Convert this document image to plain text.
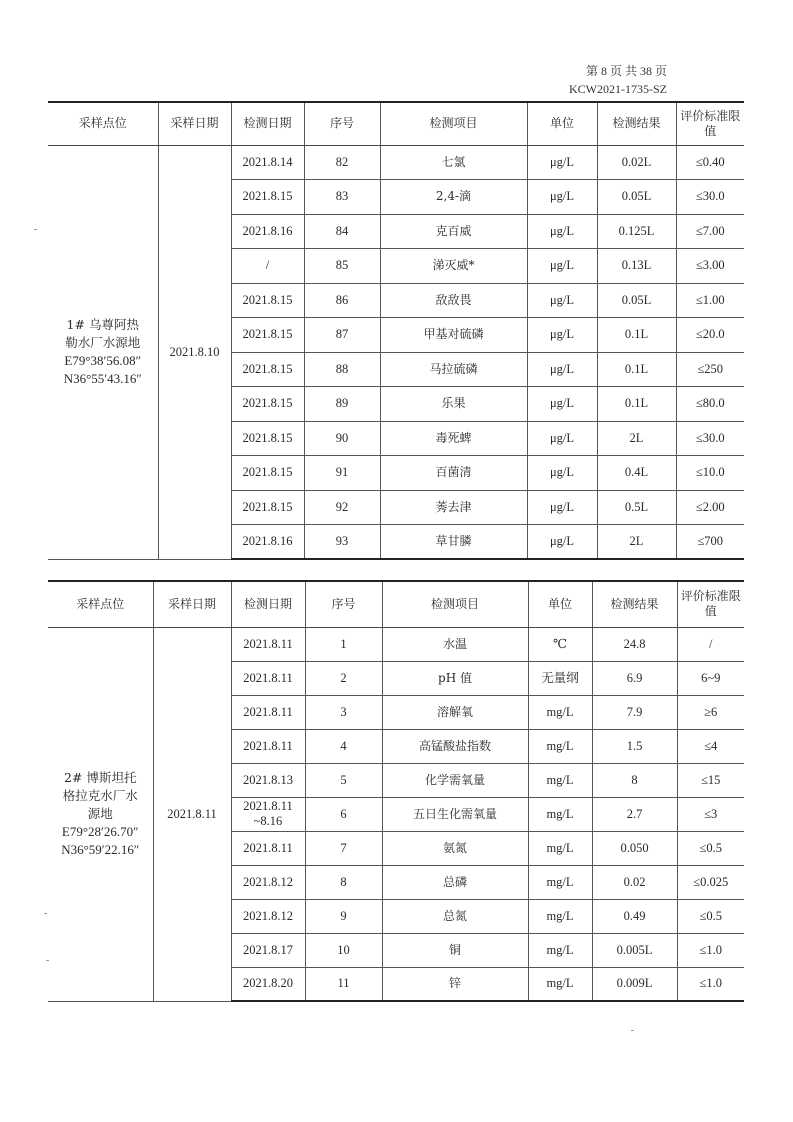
第 8 页 共 38 页
KCW2021-1735-SZ
采样点位	采样日期	检测日期	序号	检测项目	单位	检测结果	评价标准限值

1# 乌尊阿热
勒水厂水源地
E79°38′56.08″
N36°55′43.16″	2021.8.10	2021.8.14	82	七氯	μg/L	0.02L	≤0.40
		2021.8.15	83	2,4-滴	μg/L	0.05L	≤30.0
		2021.8.16	84	克百威	μg/L	0.125L	≤7.00
		/	85	涕灭威*	μg/L	0.13L	≤3.00
		2021.8.15	86	敌敌畏	μg/L	0.05L	≤1.00
		2021.8.15	87	甲基对硫磷	μg/L	0.1L	≤20.0
		2021.8.15	88	马拉硫磷	μg/L	0.1L	≤250
		2021.8.15	89	乐果	μg/L	0.1L	≤80.0
		2021.8.15	90	毒死蜱	μg/L	2L	≤30.0
		2021.8.15	91	百菌清	μg/L	0.4L	≤10.0
		2021.8.15	92	莠去津	μg/L	0.5L	≤2.00
		2021.8.16	93	草甘膦	μg/L	2L	≤700
采样点位	采样日期	检测日期	序号	检测项目	单位	检测结果	评价标准限值

2# 博斯坦托
格拉克水厂水
源地
E79°28′26.70″
N36°59′22.16″	2021.8.11	2021.8.11	1	水温	℃	24.8	/
		2021.8.11	2	pH 值	无量纲	6.9	6~9
		2021.8.11	3	溶解氧	mg/L	7.9	≥6
		2021.8.11	4	高锰酸盐指数	mg/L	1.5	≤4
		2021.8.13	5	化学需氧量	mg/L	8	≤15
		2021.8.11
~8.16	6	五日生化需氧量	mg/L	2.7	≤3
		2021.8.11	7	氨氮	mg/L	0.050	≤0.5
		2021.8.12	8	总磷	mg/L	0.02	≤0.025
		2021.8.12	9	总氮	mg/L	0.49	≤0.5
		2021.8.17	10	铜	mg/L	0.005L	≤1.0
		2021.8.20	11	锌	mg/L	0.009L	≤1.0
